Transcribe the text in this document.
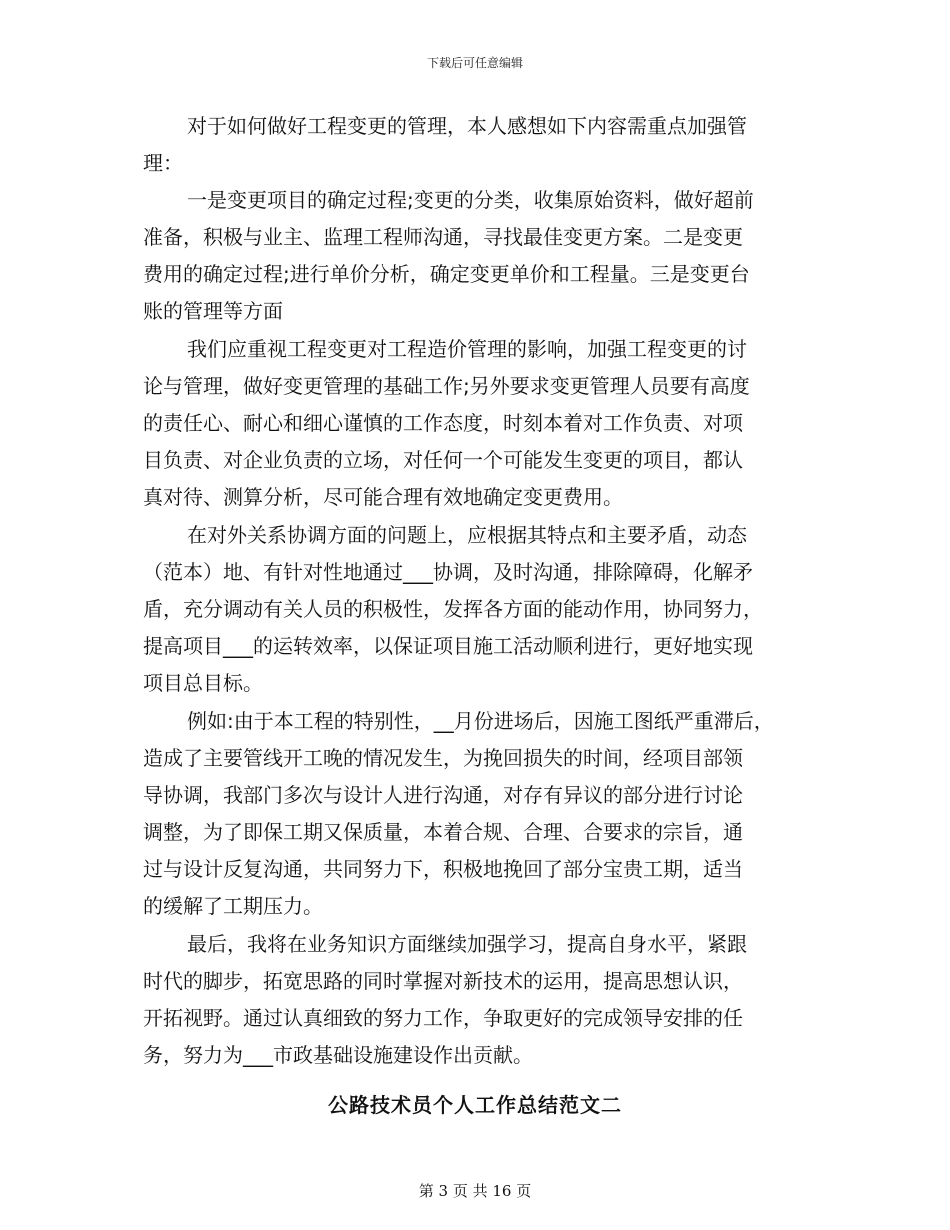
下载后可任意编辑
对于如何做好工程变更的管理，本人感想如下内容需重点加强管
理：
一是变更项目的确定过程;变更的分类，收集原始资料，做好超前
准备，积极与业主、监理工程师沟通，寻找最佳变更方案。二是变更
费用的确定过程;进行单价分析，确定变更单价和工程量。三是变更台
账的管理等方面
我们应重视工程变更对工程造价管理的影响，加强工程变更的讨
论与管理，做好变更管理的基础工作;另外要求变更管理人员要有高度
的责任心、耐心和细心谨慎的工作态度，时刻本着对工作负责、对项
目负责、对企业负责的立场，对任何一个可能发生变更的项目，都认
真对待、测算分析，尽可能合理有效地确定变更费用。
在对外关系协调方面的问题上，应根据其特点和主要矛盾，动态
（范本）地、有针对性地通过___协调，及时沟通，排除障碍，化解矛
盾，充分调动有关人员的积极性，发挥各方面的能动作用，协同努力，
提高项目___的运转效率，以保证项目施工活动顺利进行，更好地实现
项目总目标。
例如:由于本工程的特别性，__月份进场后，因施工图纸严重滞后，
造成了主要管线开工晚的情况发生，为挽回损失的时间，经项目部领
导协调，我部门多次与设计人进行沟通，对存有异议的部分进行讨论
调整，为了即保工期又保质量，本着合规、合理、合要求的宗旨，通
过与设计反复沟通，共同努力下，积极地挽回了部分宝贵工期，适当
的缓解了工期压力。
最后，我将在业务知识方面继续加强学习，提高自身水平，紧跟
时代的脚步，拓宽思路的同时掌握对新技术的运用，提高思想认识，
开拓视野。通过认真细致的努力工作，争取更好的完成领导安排的任
务，努力为___市政基础设施建设作出贡献。
公路技术员个人工作总结范文二
第 3 页 共 16 页
